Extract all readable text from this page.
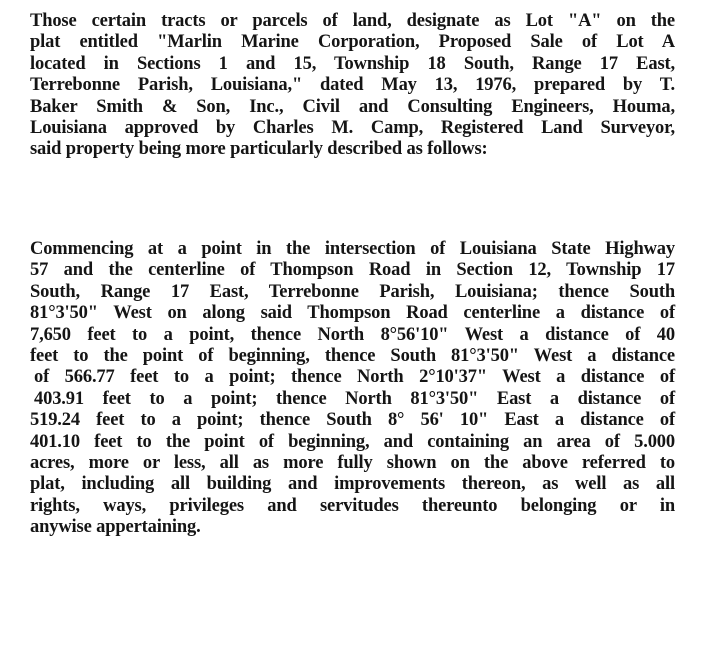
Those certain tracts or parcels of land, designate as Lot "A" on the
plat entitled "Marlin Marine Corporation, Proposed Sale of Lot A
located in Sections 1 and 15, Township 18 South, Range 17 East,
Terrebonne Parish, Louisiana," dated May 13, 1976, prepared by T.
Baker Smith & Son, Inc., Civil and Consulting Engineers, Houma,
Louisiana approved by Charles M. Camp, Registered Land Surveyor,
said property being more particularly described as follows:
Commencing at a point in the intersection of Louisiana State Highway
57 and the centerline of Thompson Road in Section 12, Township 17
South, Range 17 East, Terrebonne Parish, Louisiana; thence South
81°3'50" West on along said Thompson Road centerline a distance of
7,650 feet to a point, thence North 8°56'10" West a distance of 40
feet to the point of beginning, thence South 81°3'50" West a distance
of 566.77 feet to a point; thence North 2°10'37" West a distance of
403.91 feet to a point; thence North 81°3'50" East a distance of
519.24 feet to a point; thence South 8° 56' 10" East a distance of
401.10 feet to the point of beginning, and containing an area of 5.000
acres, more or less, all as more fully shown on the above referred to
plat, including all building and improvements thereon, as well as all
rights, ways, privileges and servitudes thereunto belonging or in
anywise appertaining.
